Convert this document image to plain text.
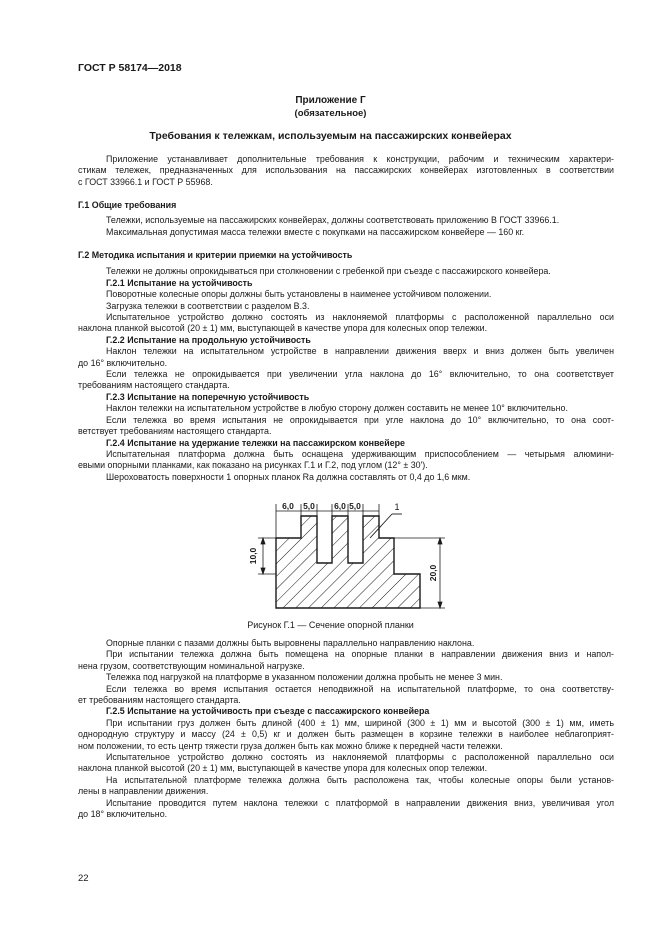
ГОСТ Р 58174—2018
Приложение Г
(обязательное)
Требования к тележкам, используемым на пассажирских конвейерах
Приложение устанавливает дополнительные требования к конструкции, рабочим и техническим характери-
стикам тележек, предназначенных для использования на пассажирских конвейерах изготовленных в соответствии
с ГОСТ 33966.1 и ГОСТ Р 55968.
Г.1 Общие требования
Тележки, используемые на пассажирских конвейерах, должны соответствовать приложению В ГОСТ 33966.1.
Максимальная допустимая масса тележки вместе с покупками на пассажирском конвейере — 160 кг.
Г.2 Методика испытания и критерии приемки на устойчивость
Тележки не должны опрокидываться при столкновении с гребенкой при съезде с пассажирского конвейера.
Г.2.1 Испытание на устойчивость
Поворотные колесные опоры должны быть установлены в наименее устойчивом положении.
Загрузка тележки в соответствии с разделом В.3.
Испытательное устройство должно состоять из наклоняемой платформы с расположенной параллельно оси
наклона планкой высотой (20 ± 1) мм, выступающей в качестве упора для колесных опор тележки.
Г.2.2 Испытание на продольную устойчивость
Наклон тележки на испытательном устройстве в направлении движения вверх и вниз должен быть увеличен
до 16° включительно.
Если тележка не опрокидывается при увеличении угла наклона до 16° включительно, то она соответствует
требованиям настоящего стандарта.
Г.2.3 Испытание на поперечную устойчивость
Наклон тележки на испытательном устройстве в любую сторону должен составить не менее 10° включительно.
Если тележка во время испытания не опрокидывается при угле наклона до 10° включительно, то она соот-
ветствует требованиям настоящего стандарта.
Г.2.4 Испытание на удержание тележки на пассажирском конвейере
Испытательная платформа должна быть оснащена удерживающим приспособлением — четырьмя алюмини-
евыми опорными планками, как показано на рисунках Г.1 и Г.2, под углом (12° ± 30').
Шероховатость поверхности 1 опорных планок Ra должна составлять от 0,4 до 1,6 мкм.
6,0 5,0 6,0 5,0	1
10,0
20,0
Рисунок Г.1 — Сечение опорной планки
Опорные планки с пазами должны быть выровнены параллельно направлению наклона.
При испытании тележка должна быть помещена на опорные планки в направлении движения вниз и напол-
нена грузом, соответствующим номинальной нагрузке.
Тележка под нагрузкой на платформе в указанном положении должна пробыть не менее 3 мин.
Если тележка во время испытания остается неподвижной на испытательной платформе, то она соответству-
ет требованиям настоящего стандарта.
Г.2.5 Испытание на устойчивость при съезде с пассажирского конвейера
При испытании груз должен быть длиной (400 ± 1) мм, шириной (300 ± 1) мм и высотой (300 ± 1) мм, иметь
однородную структуру и массу (24 ± 0,5) кг и должен быть размещен в корзине тележки в наиболее неблагоприят-
ном положении, то есть центр тяжести груза должен быть как можно ближе к передней части тележки.
Испытательное устройство должно состоять из наклоняемой платформы с расположенной параллельно оси
наклона планкой высотой (20 ± 1) мм, выступающей в качестве упора для колесных опор тележки.
На испытательной платформе тележка должна быть расположена так, чтобы колесные опоры были установ-
лены в направлении движения.
Испытание проводится путем наклона тележки с платформой в направлении движения вниз, увеличивая угол
до 18° включительно.
22
